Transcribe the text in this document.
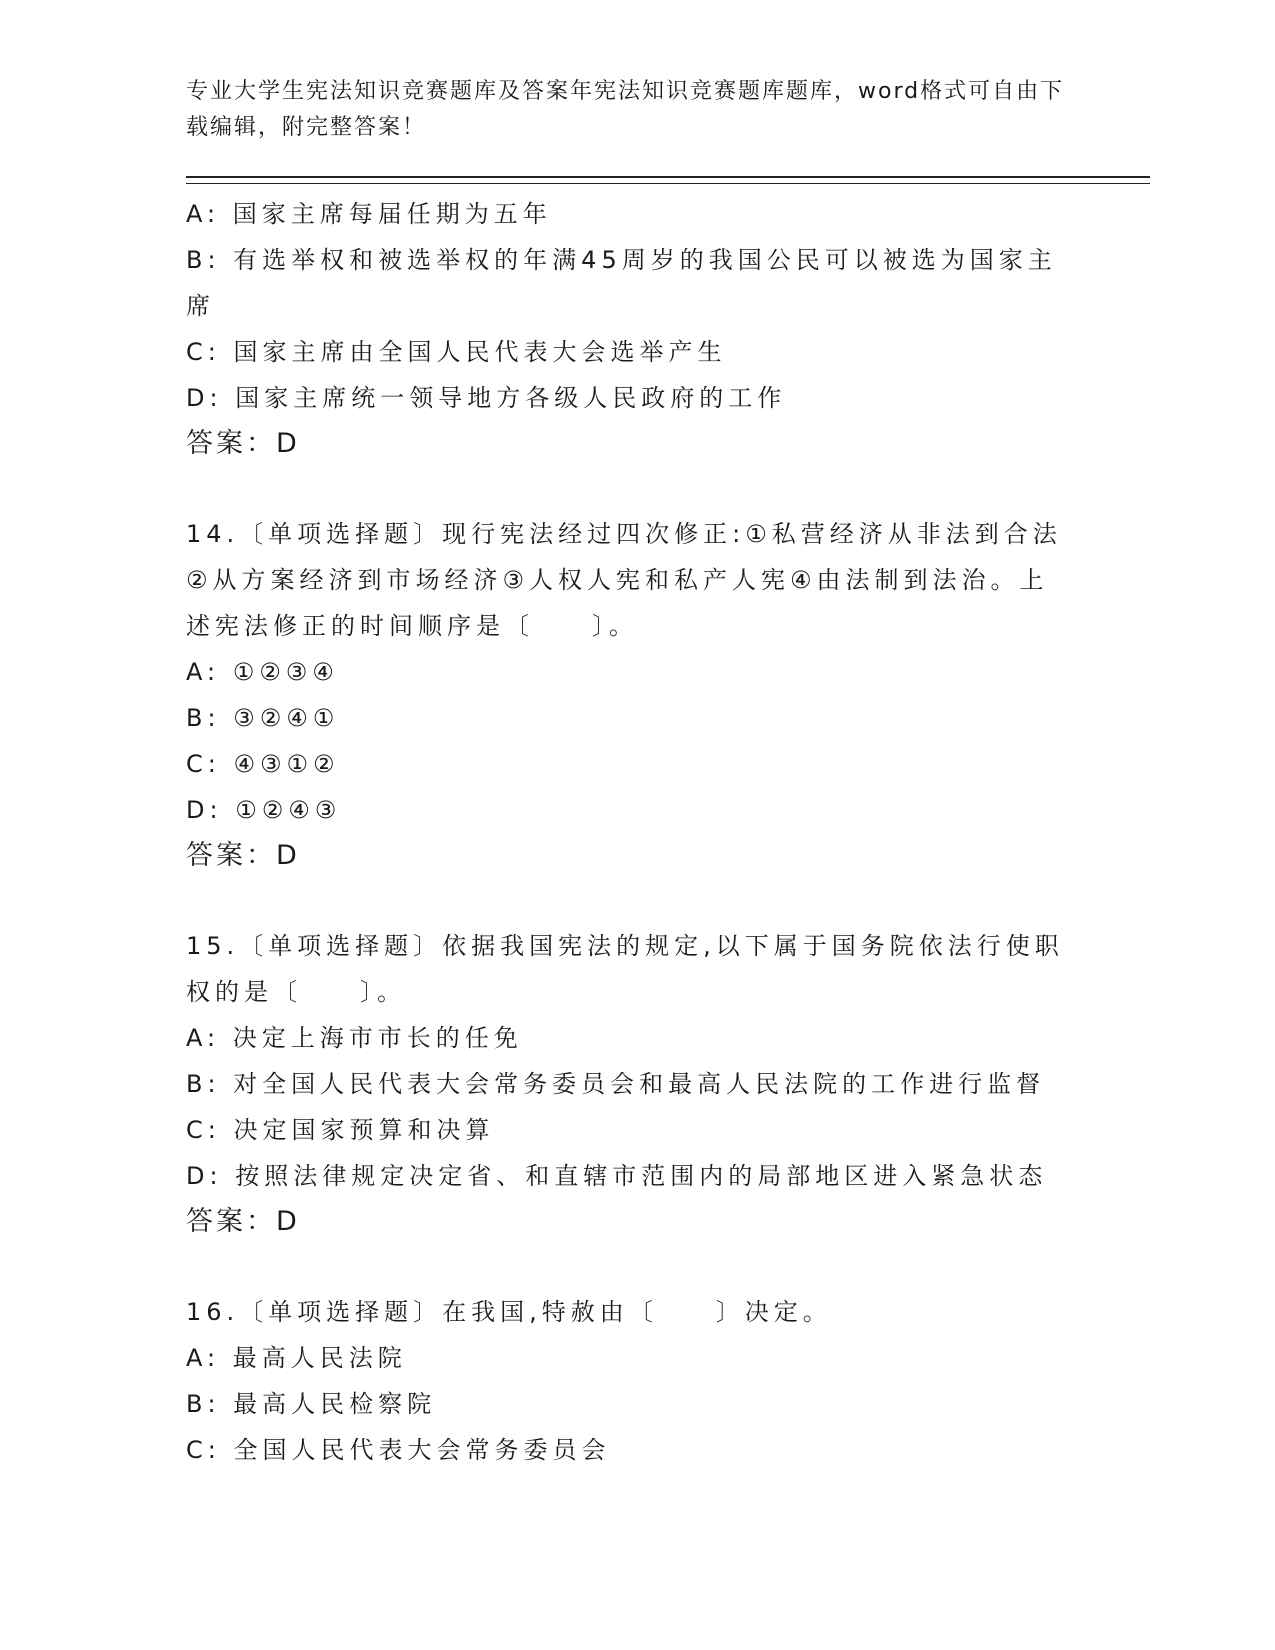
专业大学生宪法知识竞赛题库及答案年宪法知识竞赛题库题库，word格式可自由下载编辑，附完整答案！
A: 国家主席每届任期为五年
B: 有选举权和被选举权的年满45周岁的我国公民可以被选为国家主席
C: 国家主席由全国人民代表大会选举产生
D: 国家主席统一领导地方各级人民政府的工作
答案：D
14.〔单项选择题〕现行宪法经过四次修正:①私营经济从非法到合法②从方案经济到市场经济③人权人宪和私产人宪④由法制到法治。上述宪法修正的时间顺序是〔　　〕。
A: ①②③④
B: ③②④①
C: ④③①②
D: ①②④③
答案：D
15.〔单项选择题〕依据我国宪法的规定,以下属于国务院依法行使职权的是〔　　〕。
A: 决定上海市市长的任免
B: 对全国人民代表大会常务委员会和最高人民法院的工作进行监督
C: 决定国家预算和决算
D: 按照法律规定决定省、和直辖市范围内的局部地区进入紧急状态
答案：D
16.〔单项选择题〕在我国,特赦由〔　　〕决定。
A: 最高人民法院
B: 最高人民检察院
C: 全国人民代表大会常务委员会
